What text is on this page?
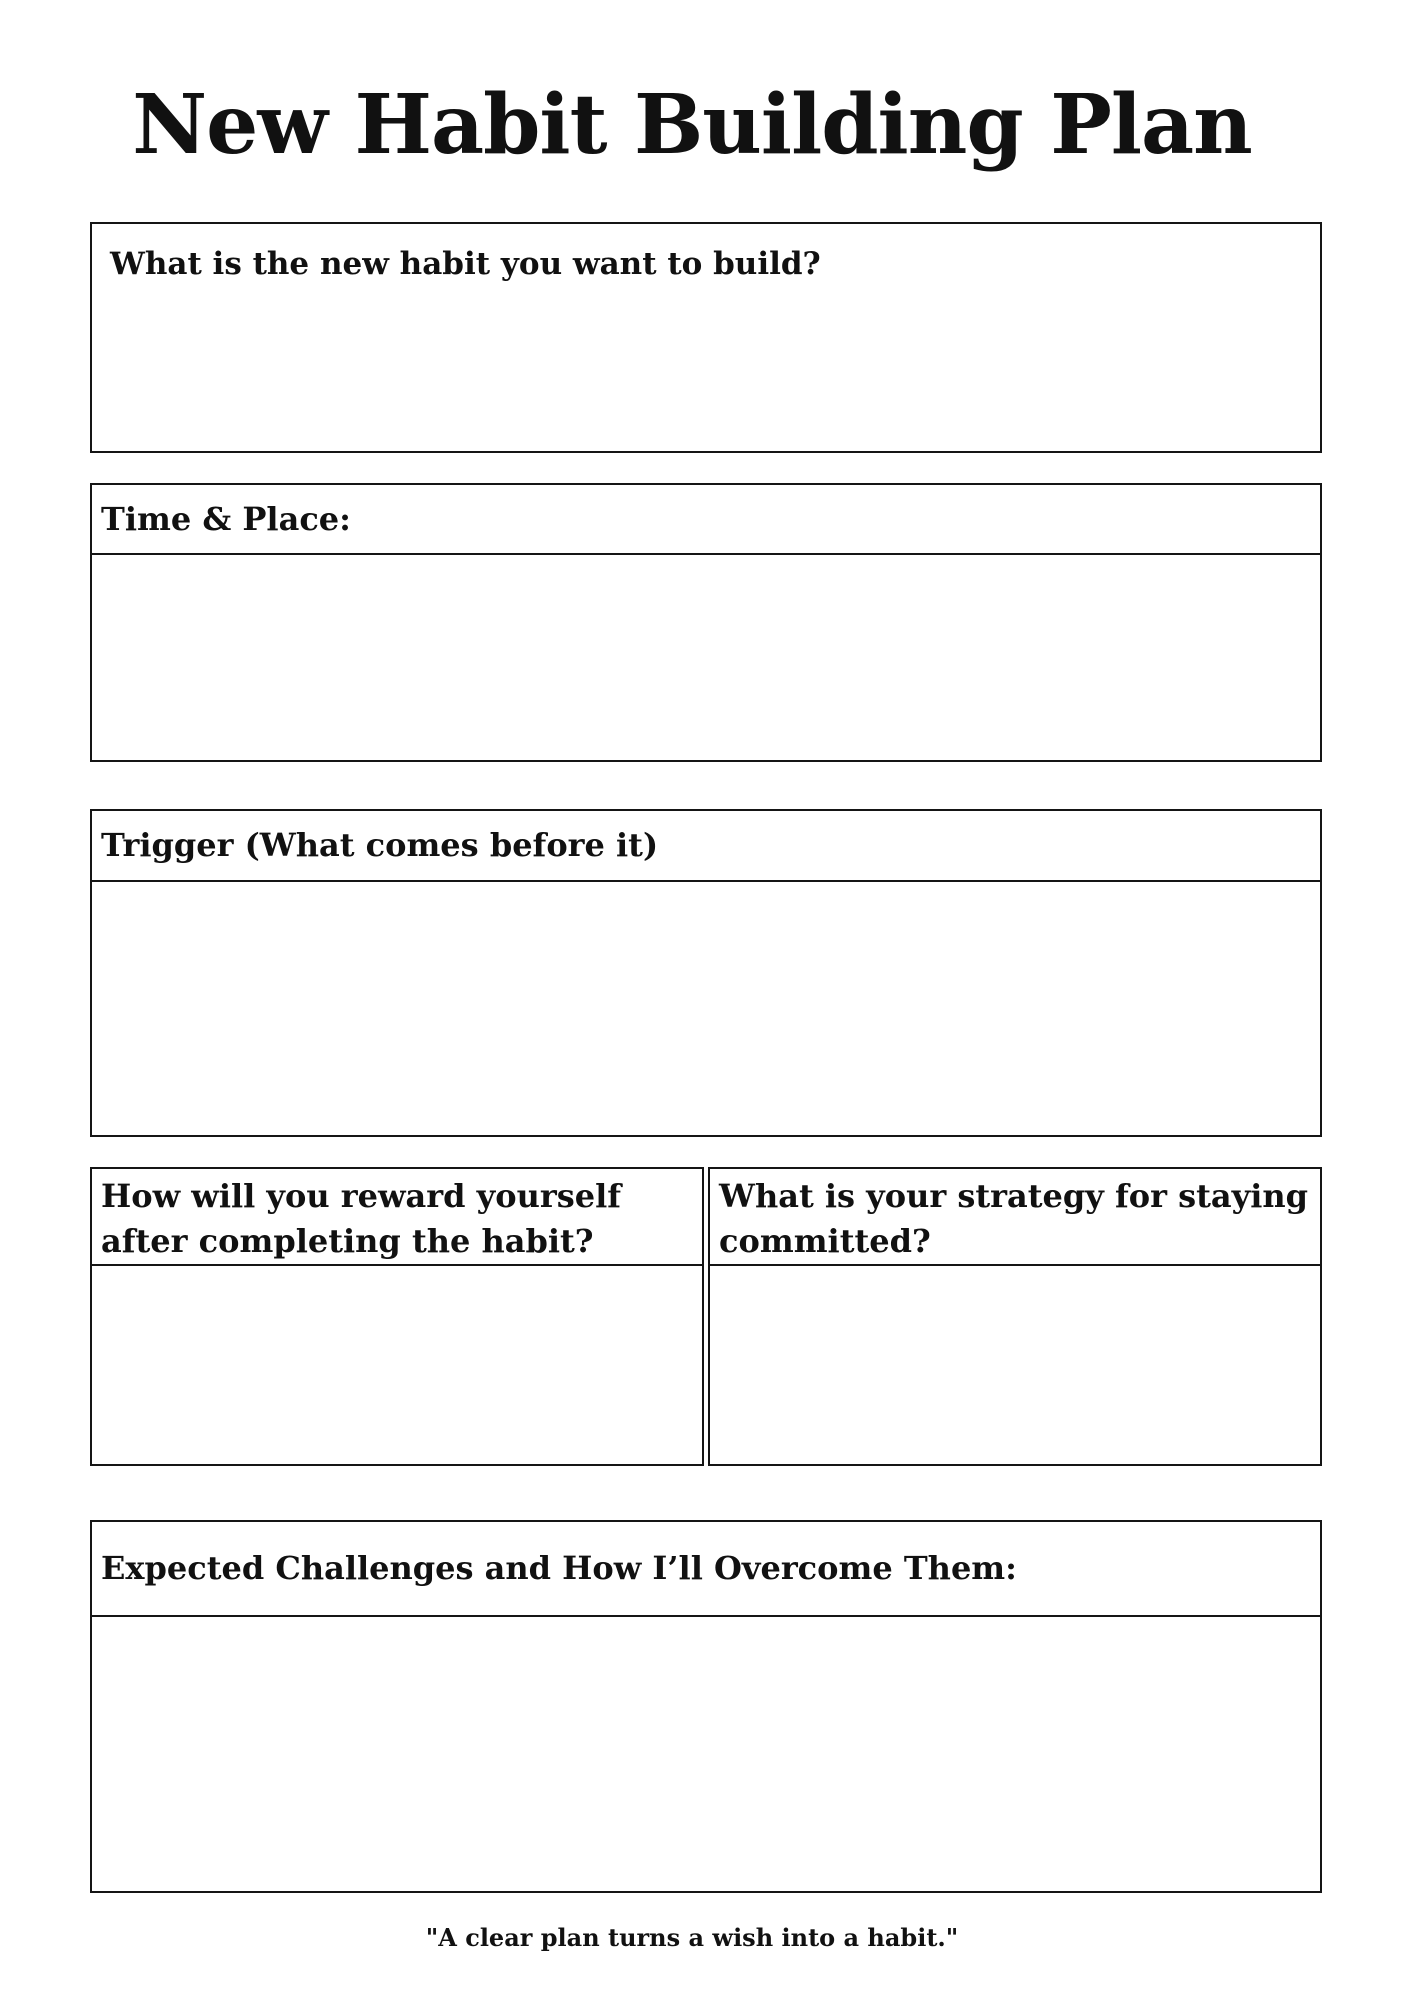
New Habit Building Plan
What is the new habit you want to build?
Time & Place:
Trigger (What comes before it)
How will you reward yourself after completing the habit?
What is your strategy for staying committed?
Expected Challenges and How I’ll Overcome Them:
"A clear plan turns a wish into a habit."
